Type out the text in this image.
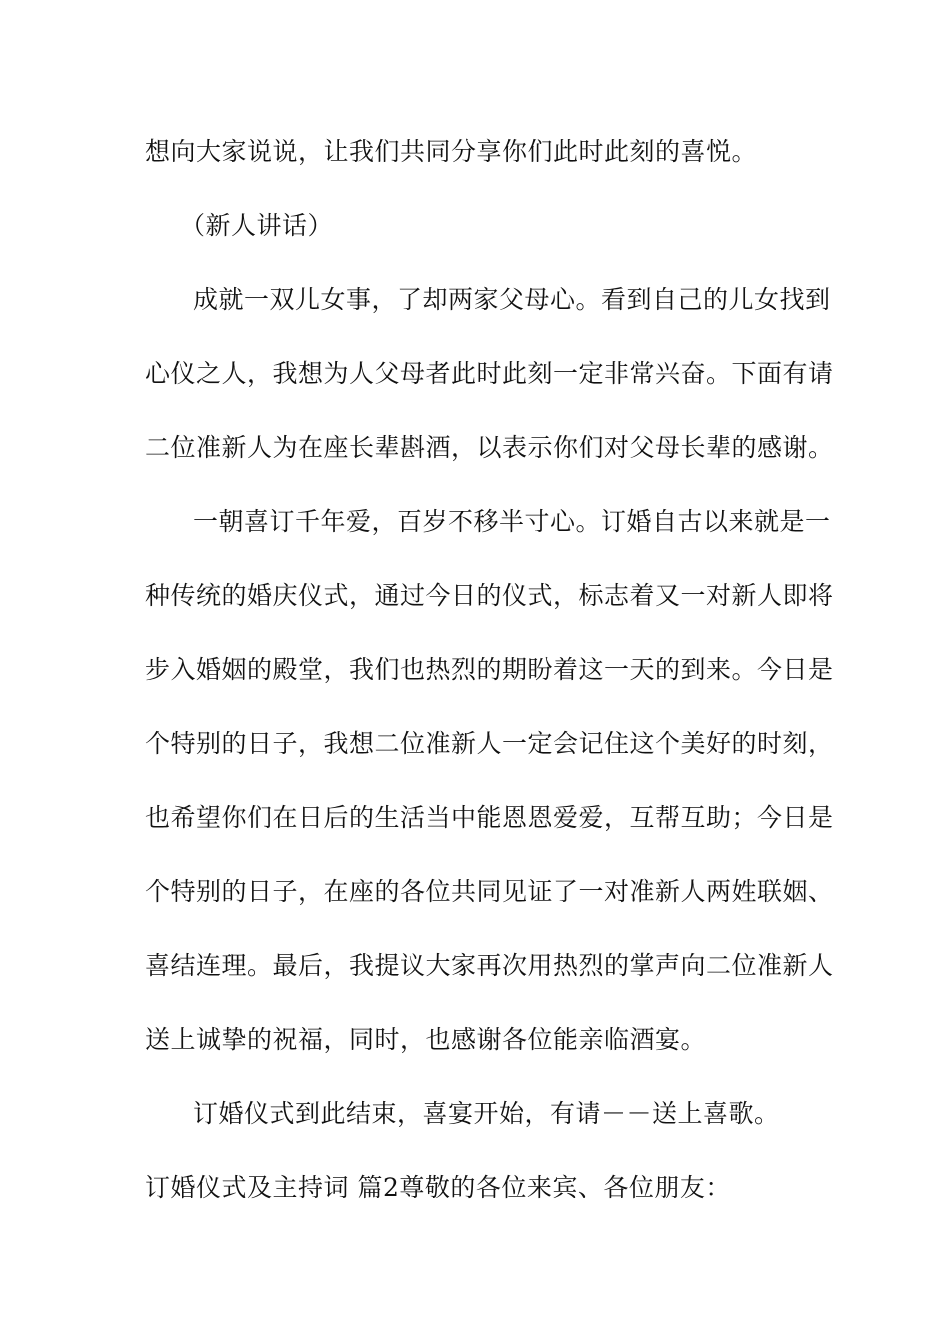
想向大家说说，让我们共同分享你们此时此刻的喜悦。
（新人讲话）
成就一双儿女事，了却两家父母心。看到自己的儿女找到
心仪之人，我想为人父母者此时此刻一定非常兴奋。下面有请
二位准新人为在座长辈斟酒，以表示你们对父母长辈的感谢。
一朝喜订千年爱，百岁不移半寸心。订婚自古以来就是一
种传统的婚庆仪式，通过今日的仪式，标志着又一对新人即将
步入婚姻的殿堂，我们也热烈的期盼着这一天的到来。今日是
个特别的日子，我想二位准新人一定会记住这个美好的时刻，
也希望你们在日后的生活当中能恩恩爱爱，互帮互助；今日是
个特别的日子，在座的各位共同见证了一对准新人两姓联姻、
喜结连理。最后，我提议大家再次用热烈的掌声向二位准新人
送上诚挚的祝福，同时，也感谢各位能亲临酒宴。
订婚仪式到此结束，喜宴开始，有请－－送上喜歌。
订婚仪式及主持词 篇2尊敬的各位来宾、各位朋友：
